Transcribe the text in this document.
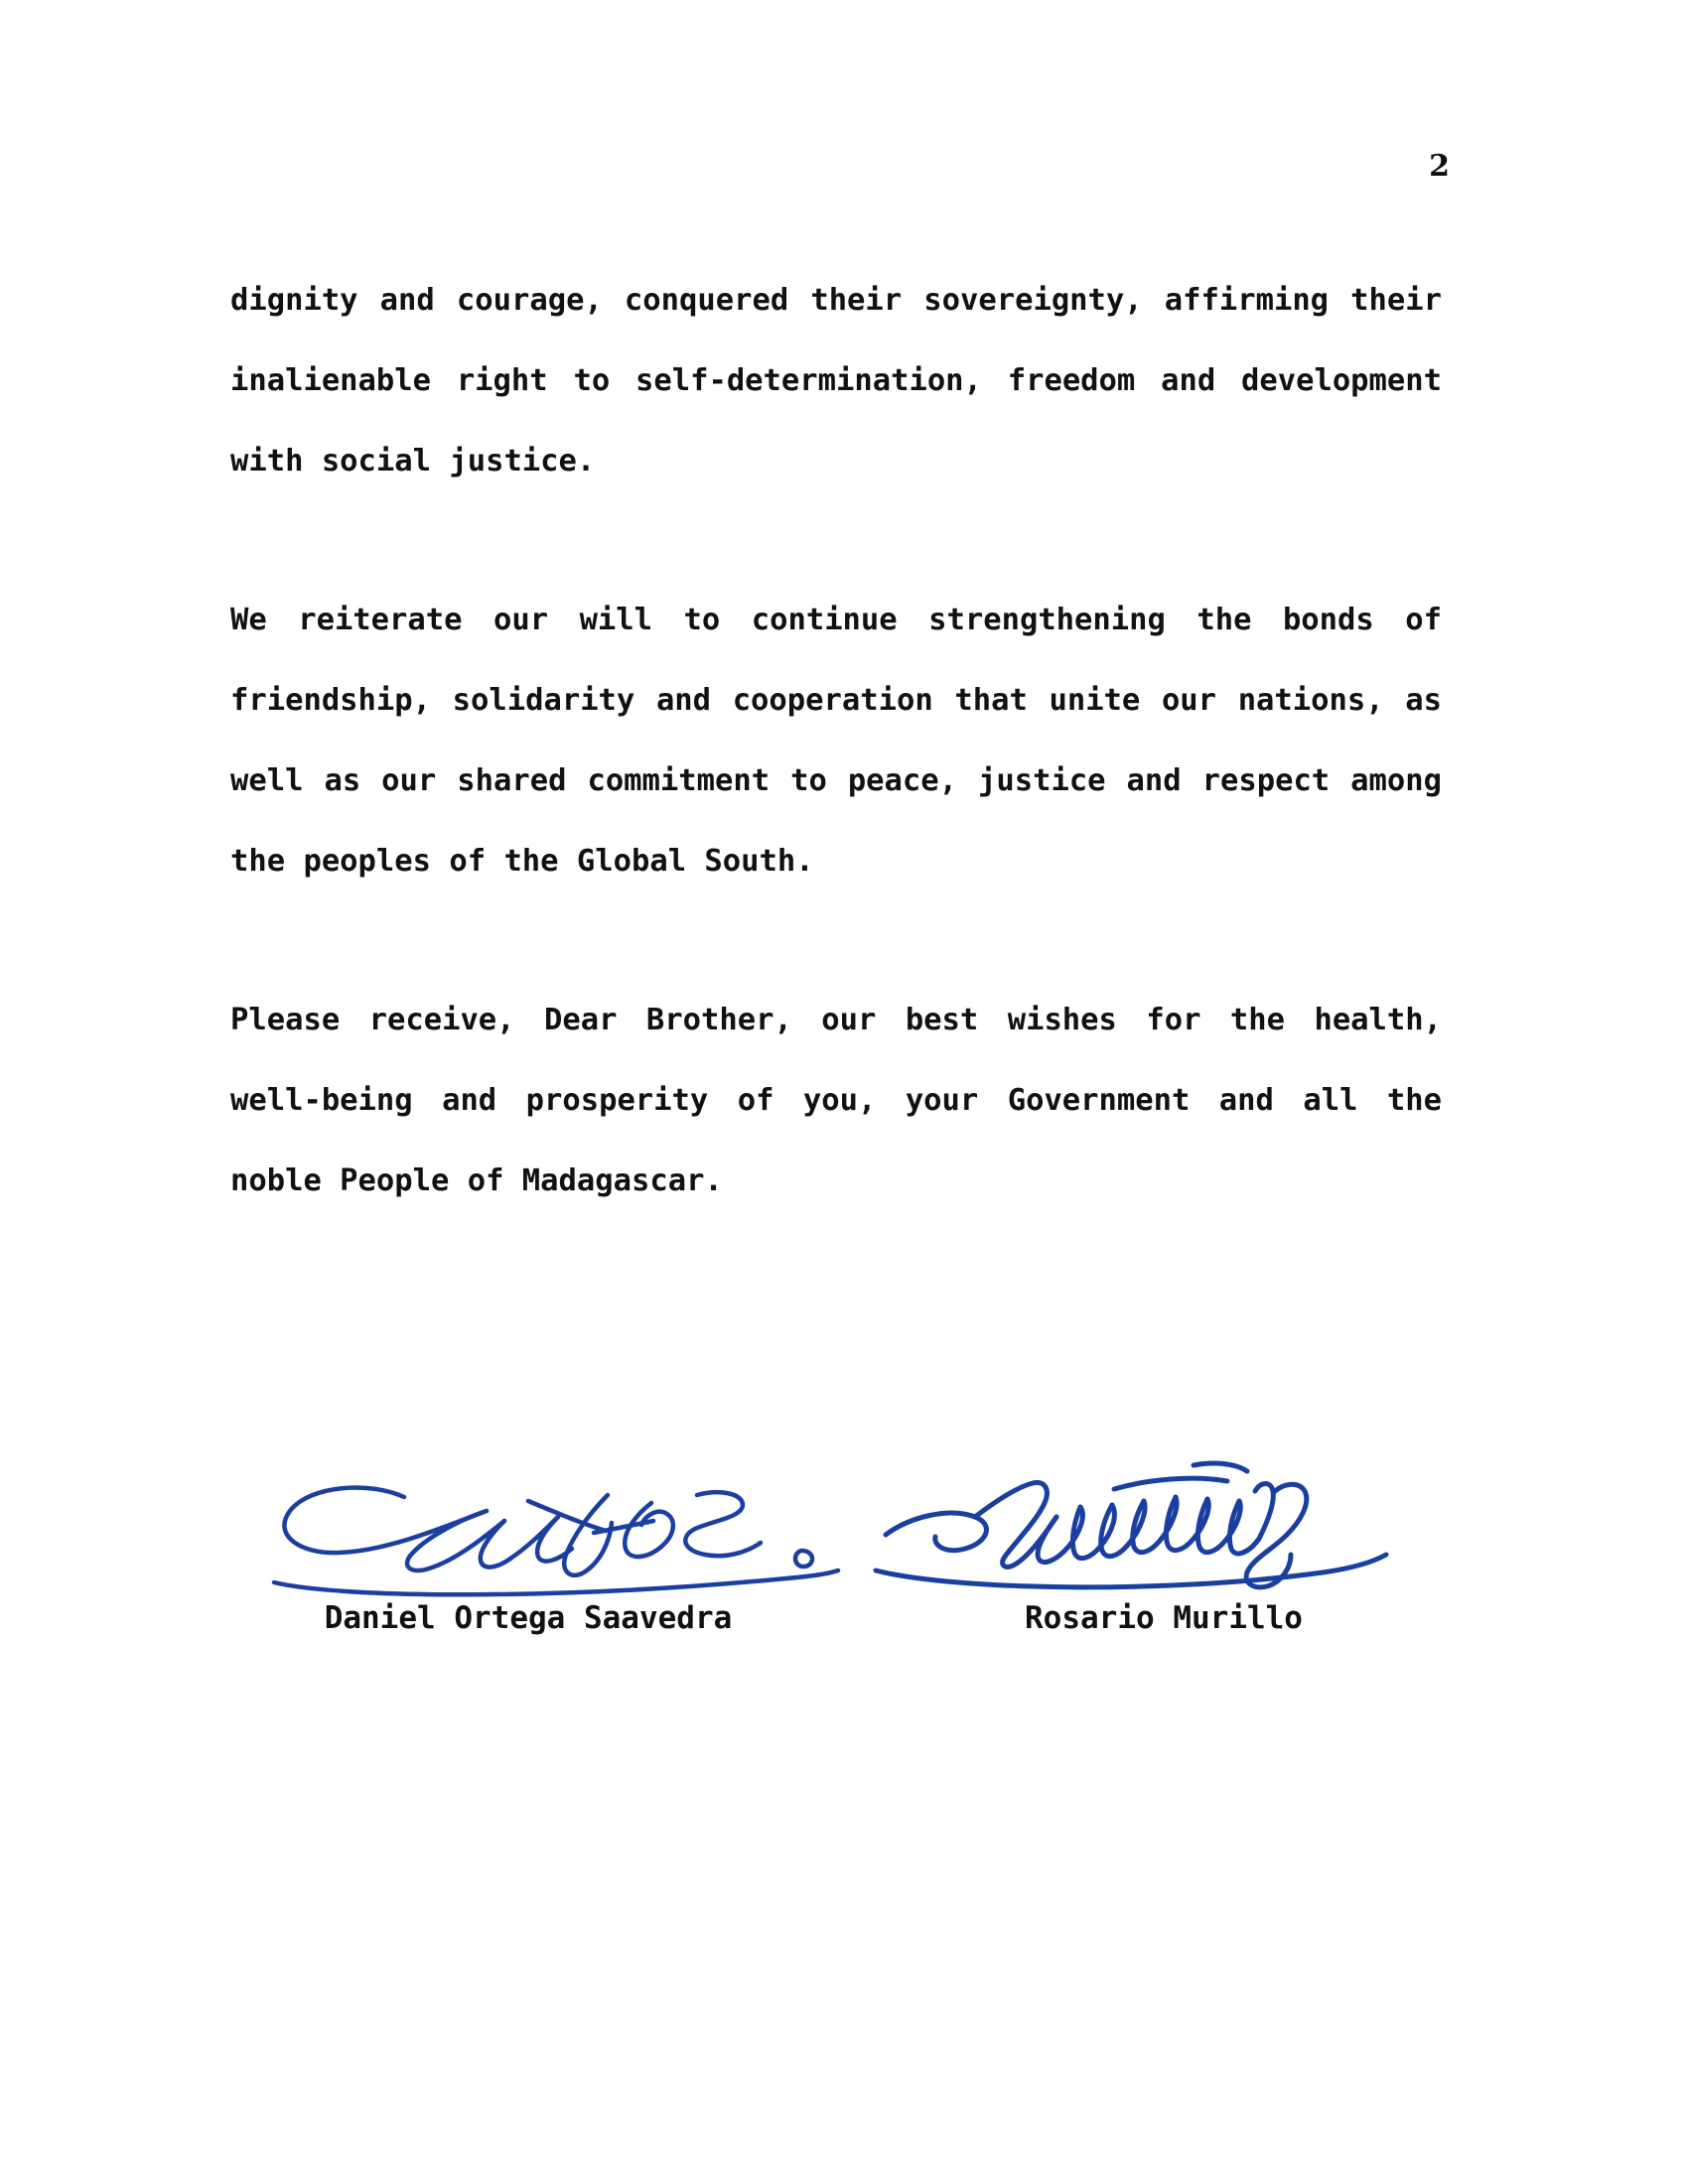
2

dignity and courage, conquered their sovereignty, affirming their inalienable right to self-determination, freedom and development with social justice.

We reiterate our will to continue strengthening the bonds of friendship, solidarity and cooperation that unite our nations, as well as our shared commitment to peace, justice and respect among the peoples of the Global South.

Please receive, Dear Brother, our best wishes for the health, well-being and prosperity of you, your Government and all the noble People of Madagascar.

Daniel Ortega Saavedra	Rosario Murillo
